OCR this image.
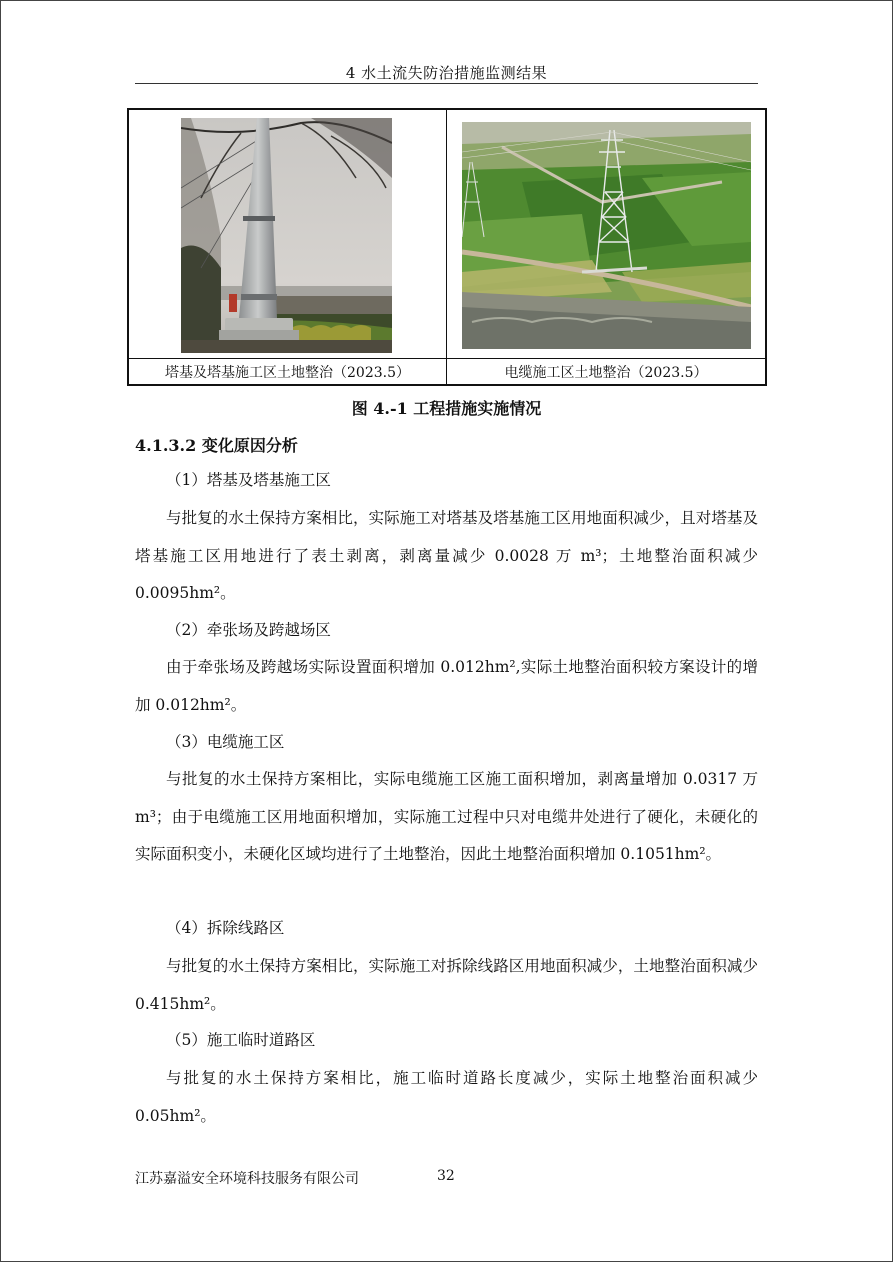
4 水土流失防治措施监测结果
塔基及塔基施工区土地整治（2023.5）	电缆施工区土地整治（2023.5）
图 4.-1 工程措施实施情况
4.1.3.2 变化原因分析
（1）塔基及塔基施工区
与批复的水土保持方案相比，实际施工对塔基及塔基施工区用地面积减少，且对塔基及塔基施工区用地进行了表土剥离，剥离量减少 0.0028 万 m³；土地整治面积减少 0.0095hm²。
（2）牵张场及跨越场区
由于牵张场及跨越场实际设置面积增加 0.012hm²,实际土地整治面积较方案设计的增加 0.012hm²。
（3）电缆施工区
与批复的水土保持方案相比，实际电缆施工区施工面积增加，剥离量增加 0.0317 万 m³；由于电缆施工区用地面积增加，实际施工过程中只对电缆井处进行了硬化，未硬化的实际面积变小，未硬化区域均进行了土地整治，因此土地整治面积增加 0.1051hm²。
（4）拆除线路区
与批复的水土保持方案相比，实际施工对拆除线路区用地面积减少，土地整治面积减少 0.415hm²。
（5）施工临时道路区
与批复的水土保持方案相比，施工临时道路长度减少，实际土地整治面积减少 0.05hm²。
江苏嘉溢安全环境科技服务有限公司	32
